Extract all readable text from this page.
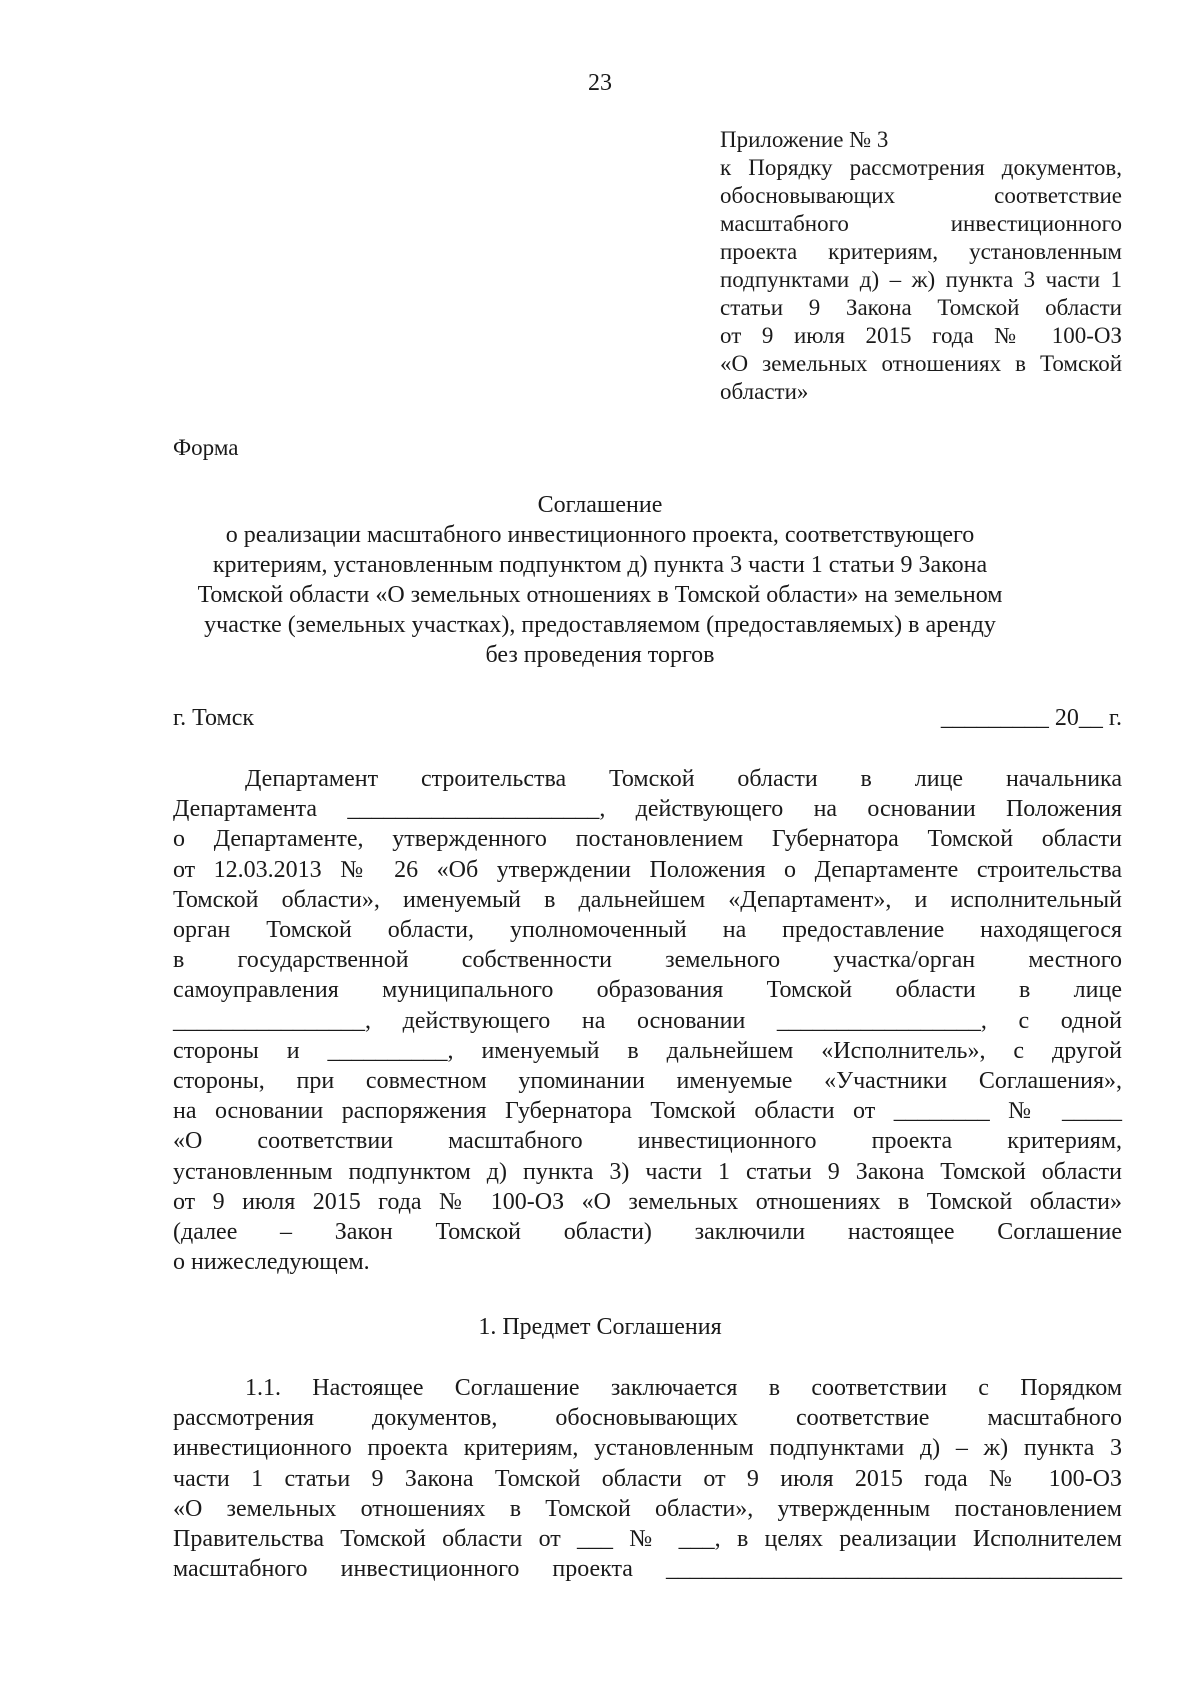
23
Приложение № 3
к Порядку рассмотрения документов,
обосновывающих соответствие
масштабного инвестиционного
проекта критериям, установленным
подпунктами д) – ж) пункта 3 части 1
статьи 9 Закона Томской области
от 9 июля 2015 года № 100-ОЗ
«О земельных отношениях в Томской
области»
Форма
Соглашение
о реализации масштабного инвестиционного проекта, соответствующего
критериям, установленным подпунктом д) пункта 3 части 1 статьи 9 Закона
Томской области «О земельных отношениях в Томской области» на земельном
участке (земельных участках), предоставляемом (предоставляемых) в аренду
без проведения торгов
г. Томск	_________ 20__ г.
Департамент строительства Томской области в лице начальника
Департамента _____________________, действующего на основании Положения
о Департаменте, утвержденного постановлением Губернатора Томской области
от 12.03.2013 № 26 «Об утверждении Положения о Департаменте строительства
Томской области», именуемый в дальнейшем «Департамент», и исполнительный
орган Томской области, уполномоченный на предоставление находящегося
в государственной собственности земельного участка/орган местного
самоуправления муниципального образования Томской области в лице
________________, действующего на основании _________________, с одной
стороны и __________, именуемый в дальнейшем «Исполнитель», с другой
стороны, при совместном упоминании именуемые «Участники Соглашения»,
на основании распоряжения Губернатора Томской области от ________ № _____
«О соответствии масштабного инвестиционного проекта критериям,
установленным подпунктом д) пункта 3) части 1 статьи 9 Закона Томской области
от 9 июля 2015 года № 100-ОЗ «О земельных отношениях в Томской области»
(далее – Закон Томской области) заключили настоящее Соглашение
о нижеследующем.
1. Предмет Соглашения
1.1. Настоящее Соглашение заключается в соответствии с Порядком
рассмотрения документов, обосновывающих соответствие масштабного
инвестиционного проекта критериям, установленным подпунктами д) – ж) пункта 3
части 1 статьи 9 Закона Томской области от 9 июля 2015 года № 100-ОЗ
«О земельных отношениях в Томской области», утвержденным постановлением
Правительства Томской области от ___ № ___, в целях реализации Исполнителем
масштабного инвестиционного проекта ______________________________________
